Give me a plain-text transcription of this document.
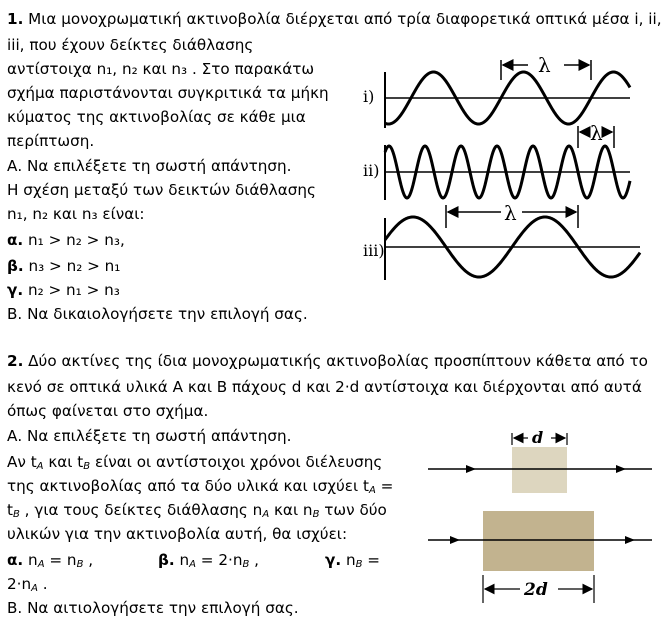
1. Μια μονοχρωματική ακτινοβολία διέρχεται από τρία διαφορετικά οπτικά μέσα i, ii,
iii, που έχουν δείκτες διάθλασης
αντίστοιχα n₁, n₂ και n₃ . Στο παρακάτω
σχήμα παριστάνονται συγκριτικά τα μήκη
κύματος της ακτινοβολίας σε κάθε μια
περίπτωση.
Α. Να επιλέξετε τη σωστή απάντηση.
Η σχέση μεταξύ των δεικτών διάθλασης
n₁, n₂ και n₃ είναι:
α. n₁ > n₂ > n₃,
β. n₃ > n₂ > n₁
γ. n₂ > n₁ > n₃
Β. Να δικαιολογήσετε την επιλογή σας.
i)
λ
ii)
λ
iii)
λ
2. Δύο ακτίνες της ίδια μονοχρωματικής ακτινοβολίας προσπίπτουν κάθετα από το
κενό σε οπτικά υλικά Α και Β πάχους d και 2·d αντίστοιχα και διέρχονται από αυτά
όπως φαίνεται στο σχήμα.
Α. Να επιλέξετε τη σωστή απάντηση.
Αν $t_A$ και $t_B$ είναι οι αντίστοιχοι χρόνοι διέλευσης
της ακτινοβολίας από τα δύο υλικά και ισχύει $t_A$ =
$t_B$ , για τους δείκτες διάθλασης $n_A$ και $n_B$ των δύο
υλικών για την ακτινοβολία αυτή, θα ισχύει:
α. $n_A = n_B$ ,	β. $n_A = 2\cdot n_B$ ,	γ. $n_B$ =
$2\cdot n_A$ .
Β. Να αιτιολογήσετε την επιλογή σας.
d
2d
